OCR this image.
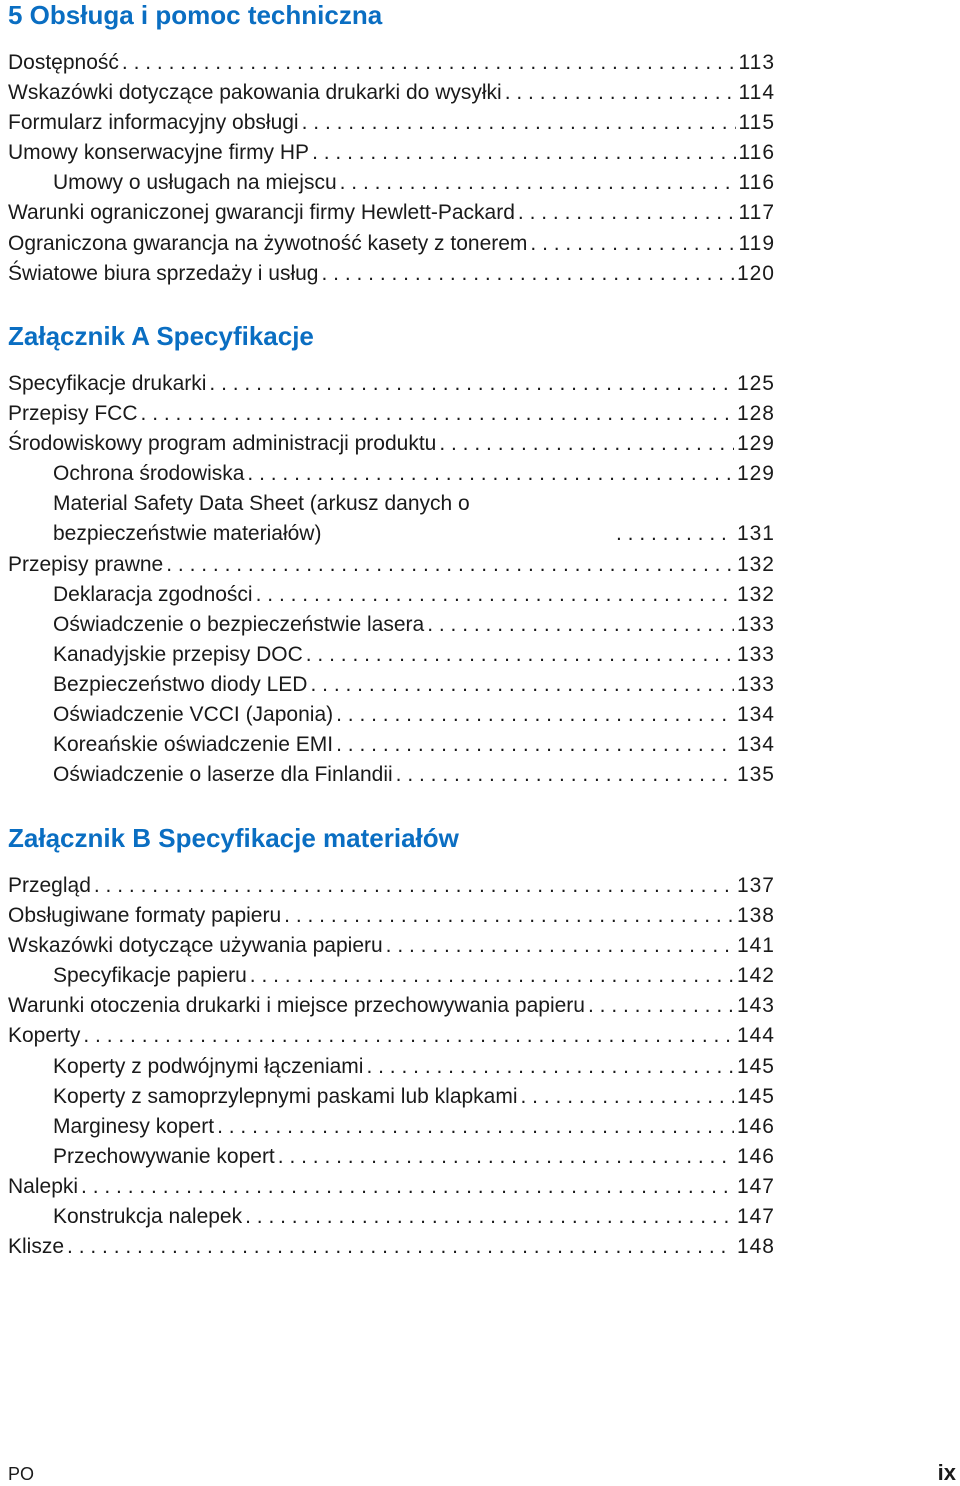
5 Obsługa i pomoc techniczna
Dostępność . . .	113
Wskazówki dotyczące pakowania drukarki do wysyłki . . .	114
Formularz informacyjny obsługi . . .	115
Umowy konserwacyjne firmy HP . . .	116
Umowy o usługach na miejscu . . .	116
Warunki ograniczonej gwarancji firmy Hewlett-Packard . . .	117
Ograniczona gwarancja na żywotność kasety z tonerem . . .	119
Światowe biura sprzedaży i usług . . .	120
Załącznik A Specyfikacje
Specyfikacje drukarki . . .	125
Przepisy FCC . . .	128
Środowiskowy program administracji produktu . . .	129
Ochrona środowiska . . .	129
Material Safety Data Sheet (arkusz danych o bezpieczeństwie materiałów) . . .	131
Przepisy prawne . . .	132
Deklaracja zgodności . . .	132
Oświadczenie o bezpieczeństwie lasera . . .	133
Kanadyjskie przepisy DOC . . .	133
Bezpieczeństwo diody LED . . .	133
Oświadczenie VCCI (Japonia) . . .	134
Koreańskie oświadczenie EMI . . .	134
Oświadczenie o laserze dla Finlandii . . .	135
Załącznik B Specyfikacje materiałów
Przegląd . . .	137
Obsługiwane formaty papieru . . .	138
Wskazówki dotyczące używania papieru . . .	141
Specyfikacje papieru . . .	142
Warunki otoczenia drukarki i miejsce przechowywania papieru . . .	143
Koperty . . .	144
Koperty z podwójnymi łączeniami . . .	145
Koperty z samoprzylepnymi paskami lub klapkami . . .	145
Marginesy kopert . . .	146
Przechowywanie kopert . . .	146
Nalepki . . .	147
Konstrukcja nalepek . . .	147
Klisze . . .	148
PO	ix
